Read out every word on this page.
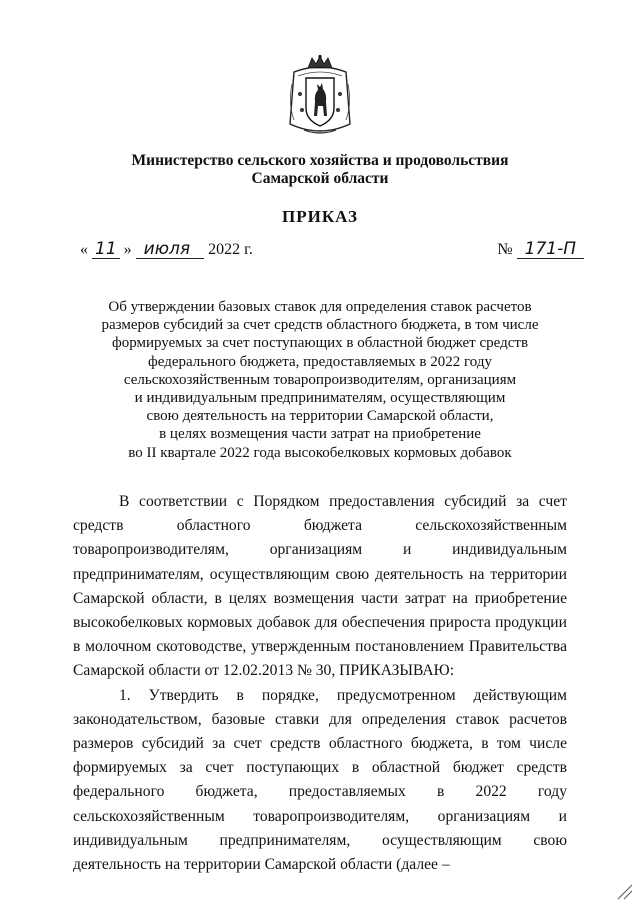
Министерство сельского хозяйства и продовольствия
Самарской области
ПРИКАЗ
« 11 » июля 2022 г.	№ 171-П
Об утверждении базовых ставок для определения ставок расчетов
размеров субсидий за счет средств областного бюджета, в том числе
формируемых за счет поступающих в областной бюджет средств
федерального бюджета, предоставляемых в 2022 году
сельскохозяйственным товаропроизводителям, организациям
и индивидуальным предпринимателям, осуществляющим
свою деятельность на территории Самарской области,
в целях возмещения части затрат на приобретение
во II квартале 2022 года высокобелковых кормовых добавок

В соответствии с Порядком предоставления субсидий за счет средств областного бюджета сельскохозяйственным товаропроизводителям, организациям и индивидуальным предпринимателям, осуществляющим свою деятельность на территории Самарской области, в целях возмещения части затрат на приобретение высокобелковых кормовых добавок для обеспечения прироста продукции в молочном скотоводстве, утвержденным постановлением Правительства Самарской области от 12.02.2013 № 30, ПРИКАЗЫВАЮ:

1. Утвердить в порядке, предусмотренном действующим законодательством, базовые ставки для определения ставок расчетов размеров субсидий за счет средств областного бюджета, в том числе формируемых за счет поступающих в областной бюджет средств федерального бюджета, предоставляемых в 2022 году сельскохозяйственным товаропроизводителям, организациям и индивидуальным предпринимателям, осуществляющим свою деятельность на территории Самарской области (далее –
